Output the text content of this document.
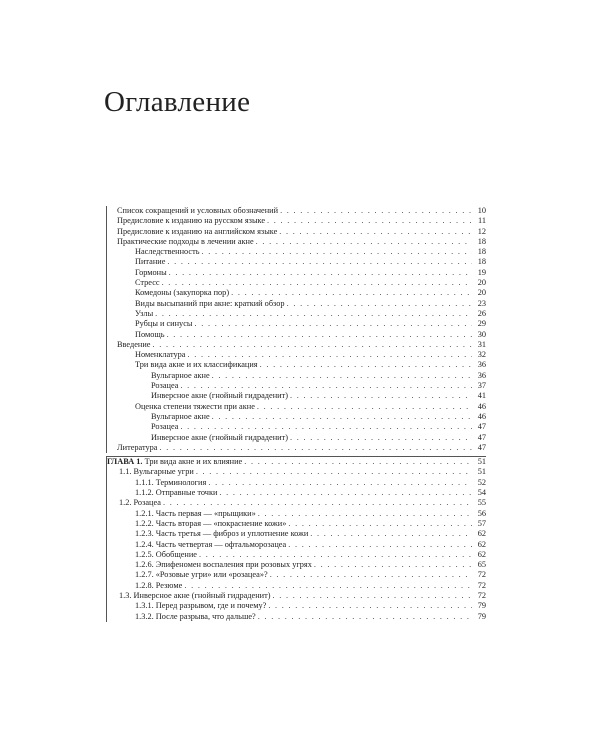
Оглавление
Список сокращений и условных обозначений . . .	10
Предисловие к изданию на русском языке . . .	11
Предисловие к изданию на английском языке . . .	12
Практические подходы в лечении акне . . .	18
Наследственность . . .	18
Питание . . .	18
Гормоны . . .	19
Стресс . . .	20
Комедоны (закупорка пор) . . .	20
Виды высыпаний при акне: краткий обзор . . .	23
Узлы . . .	26
Рубцы и синусы . . .	29
Помощь . . .	30
Введение . . .	31
Номенклатура . . .	32
Три вида акне и их классификация . . .	36
Вульгарное акне . . .	36
Розацеа . . .	37
Инверсное акне (гнойный гидраденит) . . .	41
Оценка степени тяжести при акне . . .	46
Вульгарное акне . . .	46
Розацеа . . .	47
Инверсное акне (гнойный гидраденит) . . .	47
Литература . . .	47
ГЛАВА 1. Три вида акне и их влияние . . .	51
1.1. Вульгарные угри . . .	51
1.1.1. Терминология . . .	52
1.1.2. Отправные точки . . .	54
1.2. Розацеа . . .	55
1.2.1. Часть первая — «прыщики» . . .	56
1.2.2. Часть вторая — «покраснение кожи» . . .	57
1.2.3. Часть третья — фиброз и уплотнение кожи . . .	62
1.2.4. Часть четвертая — офтальморозацеа . . .	62
1.2.5. Обобщение . . .	62
1.2.6. Эпифеномен воспаления при розовых угрях . . .	65
1.2.7. «Розовые угри» или «розацеа»? . . .	72
1.2.8. Резюме . . .	72
1.3. Инверсное акне (гнойный гидраденит) . . .	72
1.3.1. Перед разрывом, где и почему? . . .	79
1.3.2. После разрыва, что дальше? . . .	79
